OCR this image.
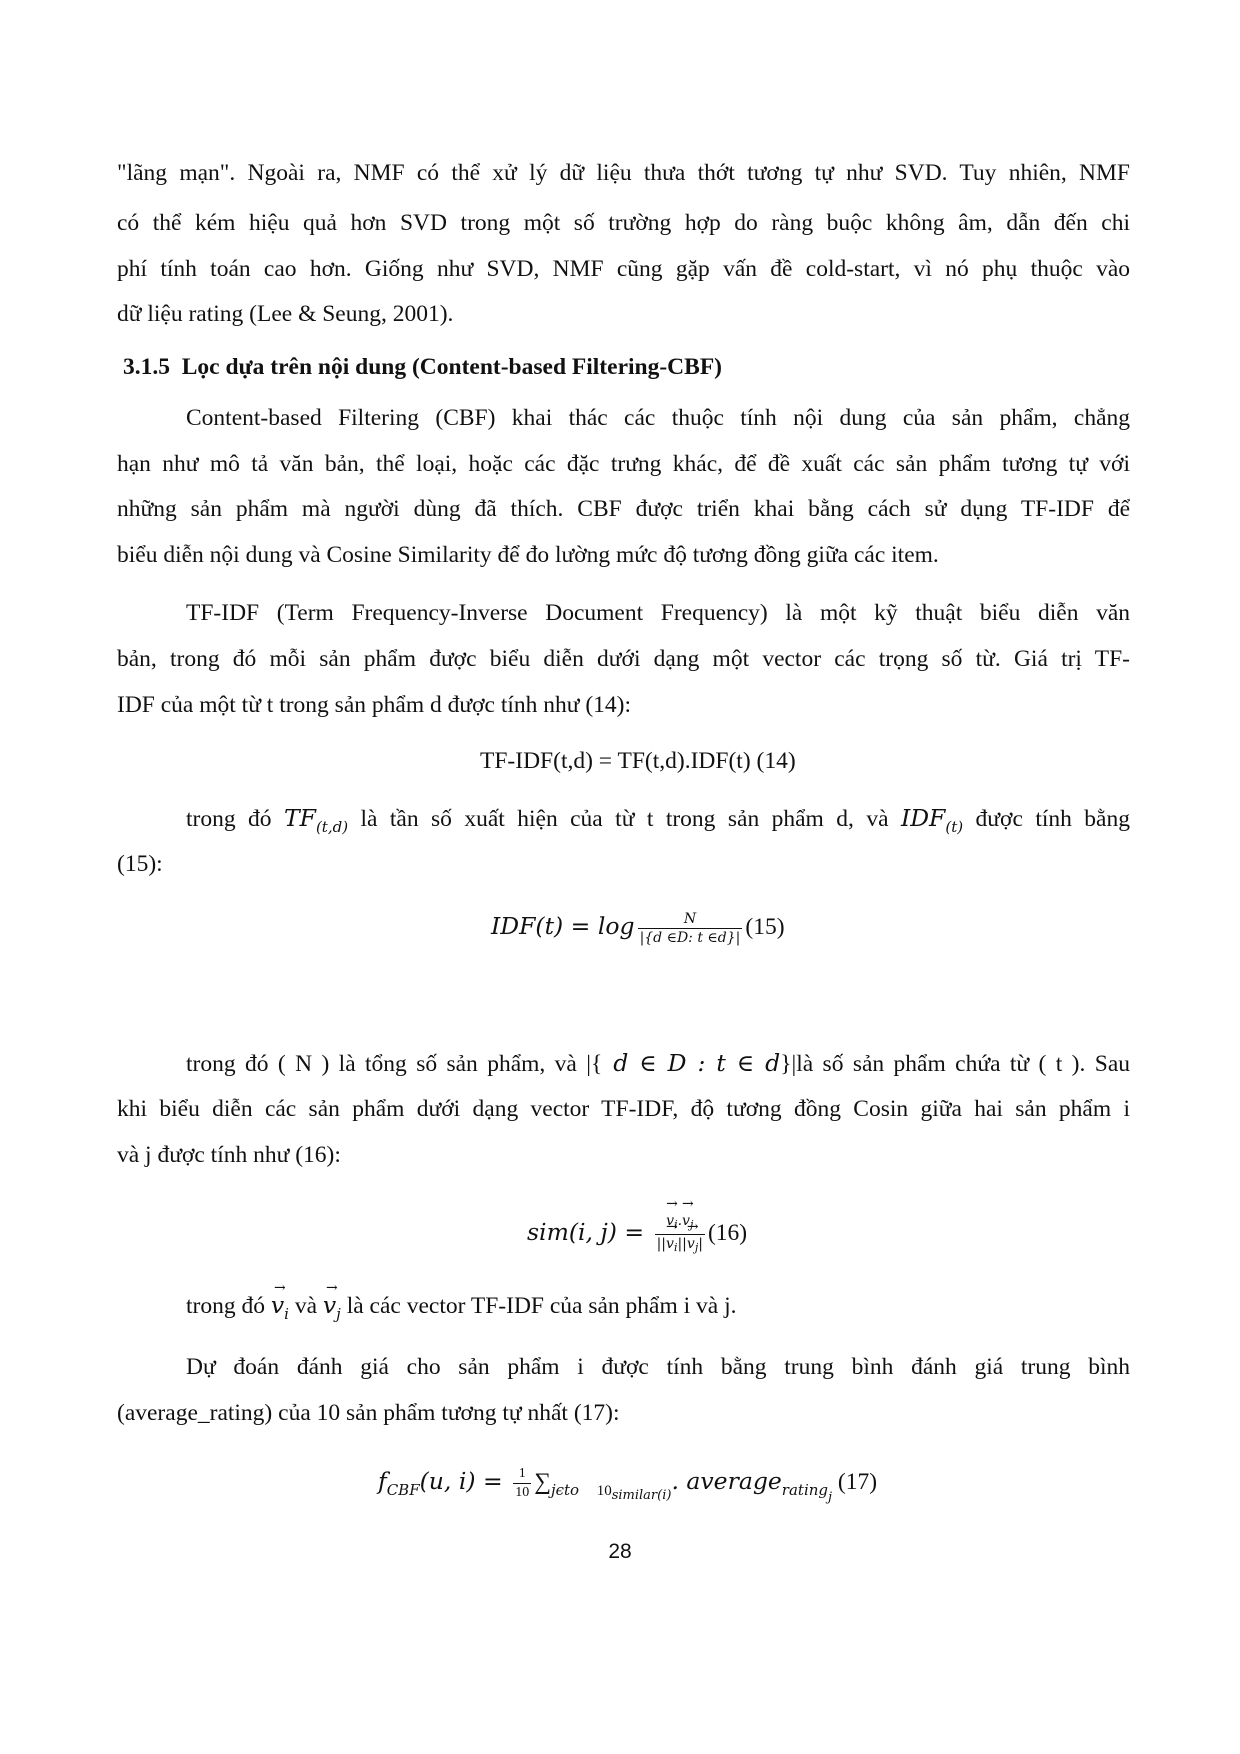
"lãng mạn". Ngoài ra, NMF có thể xử lý dữ liệu thưa thớt tương tự như SVD. Tuy nhiên, NMF
có thể kém hiệu quả hơn SVD trong một số trường hợp do ràng buộc không âm, dẫn đến chi
phí tính toán cao hơn. Giống như SVD, NMF cũng gặp vấn đề cold-start, vì nó phụ thuộc vào
dữ liệu rating (Lee & Seung, 2001).
3.1.5 Lọc dựa trên nội dung (Content-based Filtering-CBF)
Content-based Filtering (CBF) khai thác các thuộc tính nội dung của sản phẩm, chẳng
hạn như mô tả văn bản, thể loại, hoặc các đặc trưng khác, để đề xuất các sản phẩm tương tự với
những sản phẩm mà người dùng đã thích. CBF được triển khai bằng cách sử dụng TF-IDF để
biểu diễn nội dung và Cosine Similarity để đo lường mức độ tương đồng giữa các item.
TF-IDF (Term Frequency-Inverse Document Frequency) là một kỹ thuật biểu diễn văn
bản, trong đó mỗi sản phẩm được biểu diễn dưới dạng một vector các trọng số từ. Giá trị TF-
IDF của một từ t trong sản phẩm d được tính như (14):
TF-IDF(t,d) = TF(t,d).IDF(t) (14)
trong đó $TF_{(t,d)}$ là tần số xuất hiện của từ t trong sản phẩm d, và $IDF_{(t)}$ được tính bằng
(15):
$IDF(t) = \log \frac{N}{|\{d \in D: t \in d\}|} (15)$
trong đó ( N ) là tổng số sản phẩm, và |{ d ∈ D : t ∈ d}|là số sản phẩm chứa từ ( t ). Sau
khi biểu diễn các sản phẩm dưới dạng vector TF-IDF, độ tương đồng Cosin giữa hai sản phẩm i
và j được tính như (16):
sim(i, j) =
→ $\frac{v_i.\to v_j}{||\to v_i||\to v_j|} (16)$
trong đó → $v_i$ và → $v_j$ là các vector TF-IDF của sản phẩm i và j.
Dự đoán đánh giá cho sản phẩm i được tính bằng trung bình đánh giá trung bình
(average_rating) của 10 sản phẩm tương tự nhất (17):
$f_{CBF}(u$, $i) = \frac{1}{10} \sum_{j\epsilon to}$ $_{10similar(i)}$. average$_{ratingj}$ (17)
28
